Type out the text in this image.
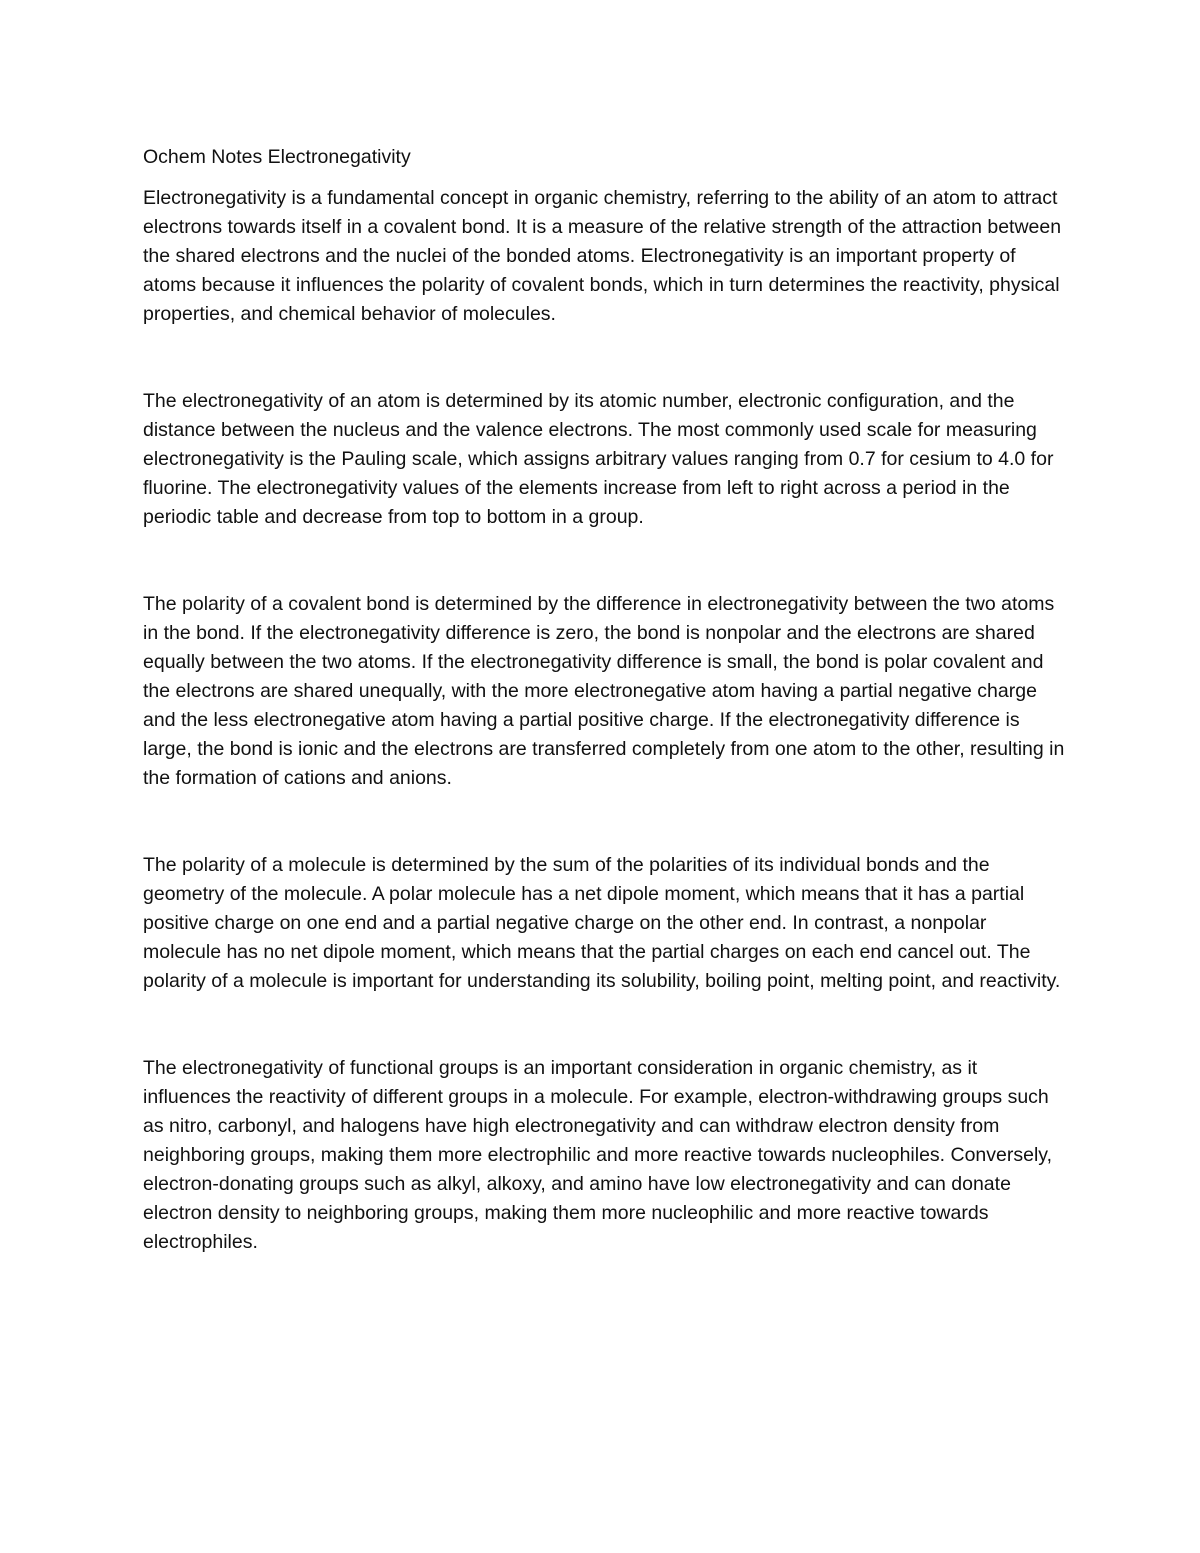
Ochem Notes Electronegativity

Electronegativity is a fundamental concept in organic chemistry, referring to the ability of an atom to attract electrons towards itself in a covalent bond. It is a measure of the relative strength of the attraction between the shared electrons and the nuclei of the bonded atoms. Electronegativity is an important property of atoms because it influences the polarity of covalent bonds, which in turn determines the reactivity, physical properties, and chemical behavior of molecules.

The electronegativity of an atom is determined by its atomic number, electronic configuration, and the distance between the nucleus and the valence electrons. The most commonly used scale for measuring electronegativity is the Pauling scale, which assigns arbitrary values ranging from 0.7 for cesium to 4.0 for fluorine. The electronegativity values of the elements increase from left to right across a period in the periodic table and decrease from top to bottom in a group.

The polarity of a covalent bond is determined by the difference in electronegativity between the two atoms in the bond. If the electronegativity difference is zero, the bond is nonpolar and the electrons are shared equally between the two atoms. If the electronegativity difference is small, the bond is polar covalent and the electrons are shared unequally, with the more electronegative atom having a partial negative charge and the less electronegative atom having a partial positive charge. If the electronegativity difference is large, the bond is ionic and the electrons are transferred completely from one atom to the other, resulting in the formation of cations and anions.

The polarity of a molecule is determined by the sum of the polarities of its individual bonds and the geometry of the molecule. A polar molecule has a net dipole moment, which means that it has a partial positive charge on one end and a partial negative charge on the other end. In contrast, a nonpolar molecule has no net dipole moment, which means that the partial charges on each end cancel out. The polarity of a molecule is important for understanding its solubility, boiling point, melting point, and reactivity.

The electronegativity of functional groups is an important consideration in organic chemistry, as it influences the reactivity of different groups in a molecule. For example, electron-withdrawing groups such as nitro, carbonyl, and halogens have high electronegativity and can withdraw electron density from neighboring groups, making them more electrophilic and more reactive towards nucleophiles. Conversely, electron-donating groups such as alkyl, alkoxy, and amino have low electronegativity and can donate electron density to neighboring groups, making them more nucleophilic and more reactive towards electrophiles.
